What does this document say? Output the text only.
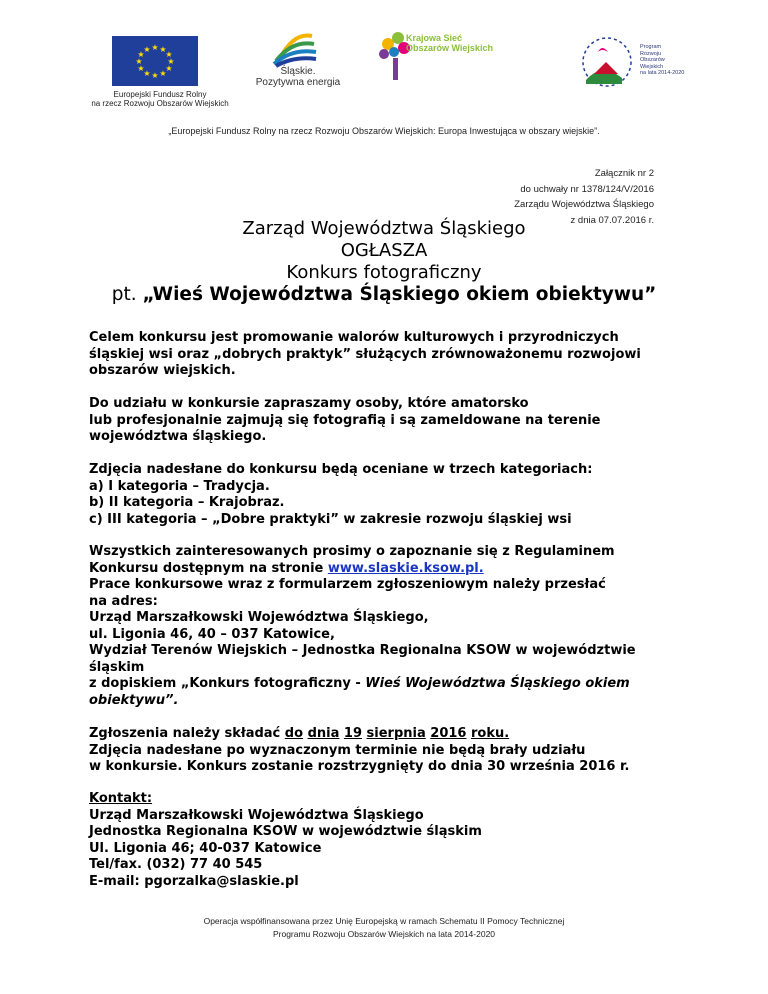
★ ★
★
★
★
★
★
★
★
★
★
★
Europejski Fundusz Rolny
na rzecz Rozwoju Obszarów Wiejskich
Śląskie.
Pozytywna energia
Krajowa Sieć
Obszarów Wiejskich	Program
Rozwoju
Obszarów
Wiejskich
na lata 2014-2020
„Europejski Fundusz Rolny na rzecz Rozwoju Obszarów Wiejskich: Europa Inwestująca w obszary wiejskie”.
Załącznik nr 2
do uchwały nr 1378/124/V/2016
Zarządu Województwa Śląskiego
z dnia 07.07.2016 r.
Zarząd Województwa Śląskiego
OGŁASZA
Konkurs fotograficzny
pt. „Wieś Województwa Śląskiego okiem obiektywu”
Celem konkursu jest promowanie walorów kulturowych i przyrodniczych
śląskiej wsi oraz „dobrych praktyk” służących zrównoważonemu rozwojowi
obszarów wiejskich.
Do udziału w konkursie zapraszamy osoby, które amatorsko
lub profesjonalnie zajmują się fotografią i są zameldowane na terenie
województwa śląskiego.
Zdjęcia nadesłane do konkursu będą oceniane w trzech kategoriach:
a) I kategoria – Tradycja.
b) II kategoria – Krajobraz.
c) III kategoria – „Dobre praktyki” w zakresie rozwoju śląskiej wsi
Wszystkich zainteresowanych prosimy o zapoznanie się z Regulaminem
Konkursu dostępnym na stronie www.slaskie.ksow.pl.
Prace konkursowe wraz z formularzem zgłoszeniowym należy przesłać
na adres:
Urząd Marszałkowski Województwa Śląskiego,
ul. Ligonia 46, 40 – 037 Katowice,
Wydział Terenów Wiejskich – Jednostka Regionalna KSOW w województwie
śląskim
z dopiskiem „Konkurs fotograficzny - Wieś Województwa Śląskiego okiem
obiektywu”.
Zgłoszenia należy składać do dnia 19 sierpnia 2016 roku.
Zdjęcia nadesłane po wyznaczonym terminie nie będą brały udziału
w konkursie. Konkurs zostanie rozstrzygnięty do dnia 30 września 2016 r.
Kontakt:
Urząd Marszałkowski Województwa Śląskiego
Jednostka Regionalna KSOW w województwie śląskim
Ul. Ligonia 46; 40-037 Katowice
Tel/fax. (032) 77 40 545
E-mail: pgorzalka@slaskie.pl
Operacja współfinansowana przez Unię Europejską w ramach Schematu II Pomocy Technicznej
Programu Rozwoju Obszarów Wiejskich na lata 2014-2020
